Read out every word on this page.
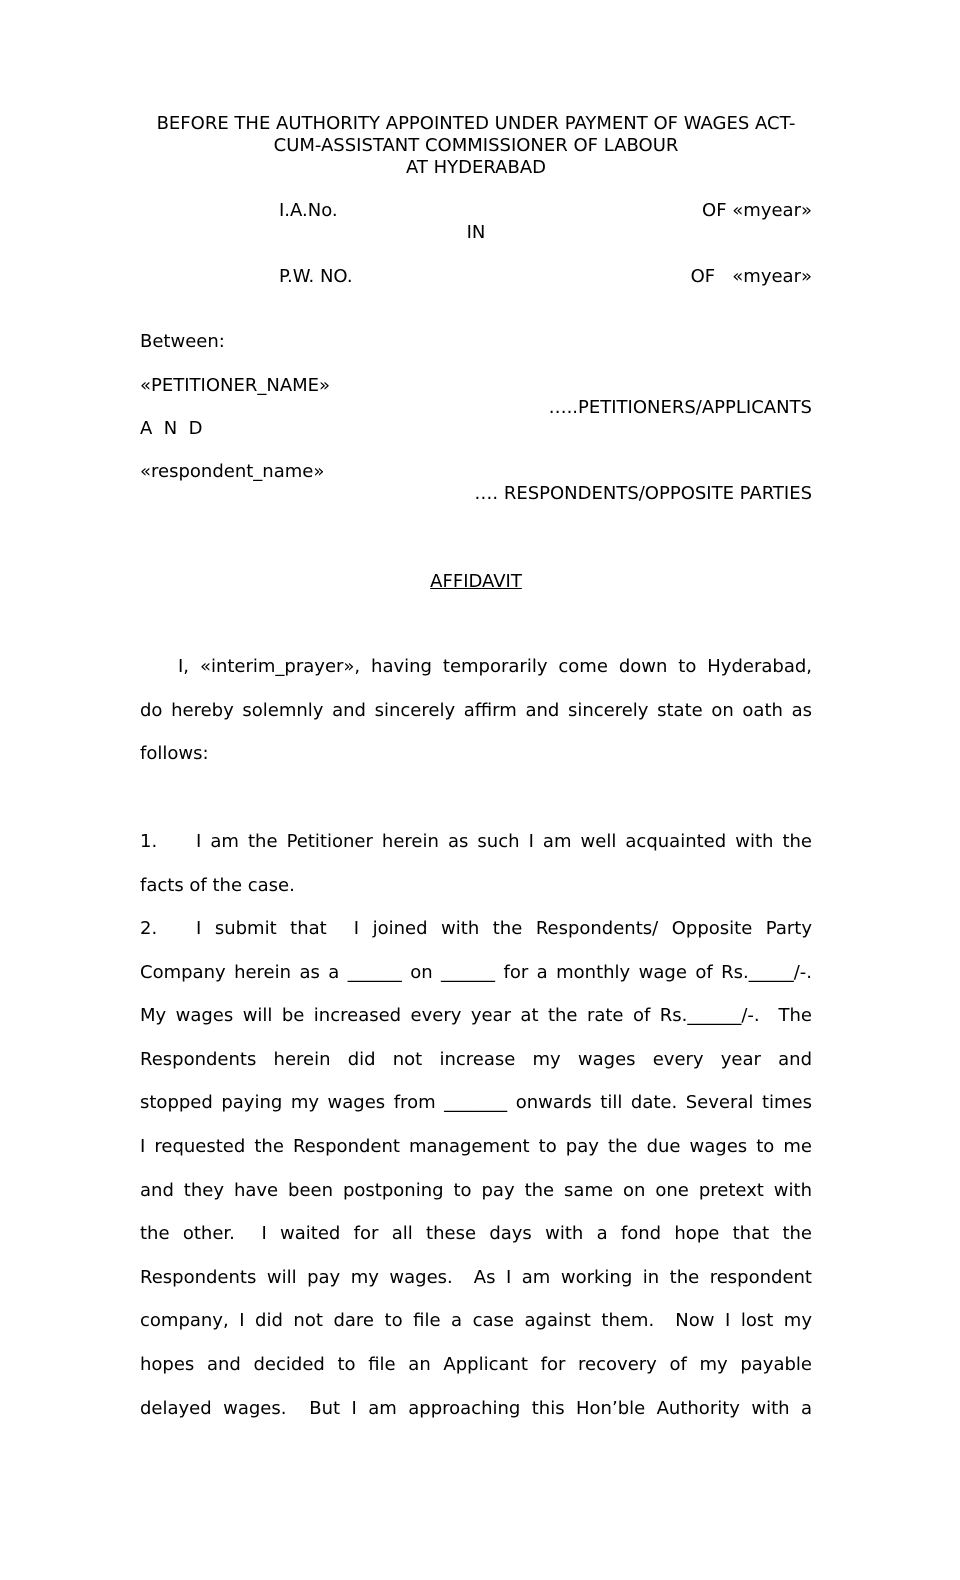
BEFORE THE AUTHORITY APPOINTED UNDER PAYMENT OF WAGES ACT-
CUM-ASSISTANT COMMISSIONER OF LABOUR
AT HYDERABAD
I.A.No.	OF «myear»
IN
P.W. NO.	OF   «myear»
Between:
«PETITIONER_NAME»
…..PETITIONERS/APPLICANTS
A  N  D
«respondent_name»
…. RESPONDENTS/OPPOSITE PARTIES
AFFIDAVIT
I, «interim_prayer», having temporarily come down to Hyderabad,
do hereby solemnly and sincerely affirm and sincerely state on oath as
follows:
1. I am the Petitioner herein as such I am well acquainted with the
facts of the case.
2. I submit that  I joined with the Respondents/ Opposite Party
Company herein as a ______ on ______ for a monthly wage of Rs._____/-.
My wages will be increased every year at the rate of Rs.______/-.  The
Respondents herein did not increase my wages every year and
stopped paying my wages from _______ onwards till date. Several times
I requested the Respondent management to pay the due wages to me
and they have been postponing to pay the same on one pretext with
the other.  I waited for all these days with a fond hope that the
Respondents will pay my wages.  As I am working in the respondent
company, I did not dare to file a case against them.  Now I lost my
hopes and decided to file an Applicant for recovery of my payable
delayed wages.  But I am approaching this Hon’ble Authority with a
